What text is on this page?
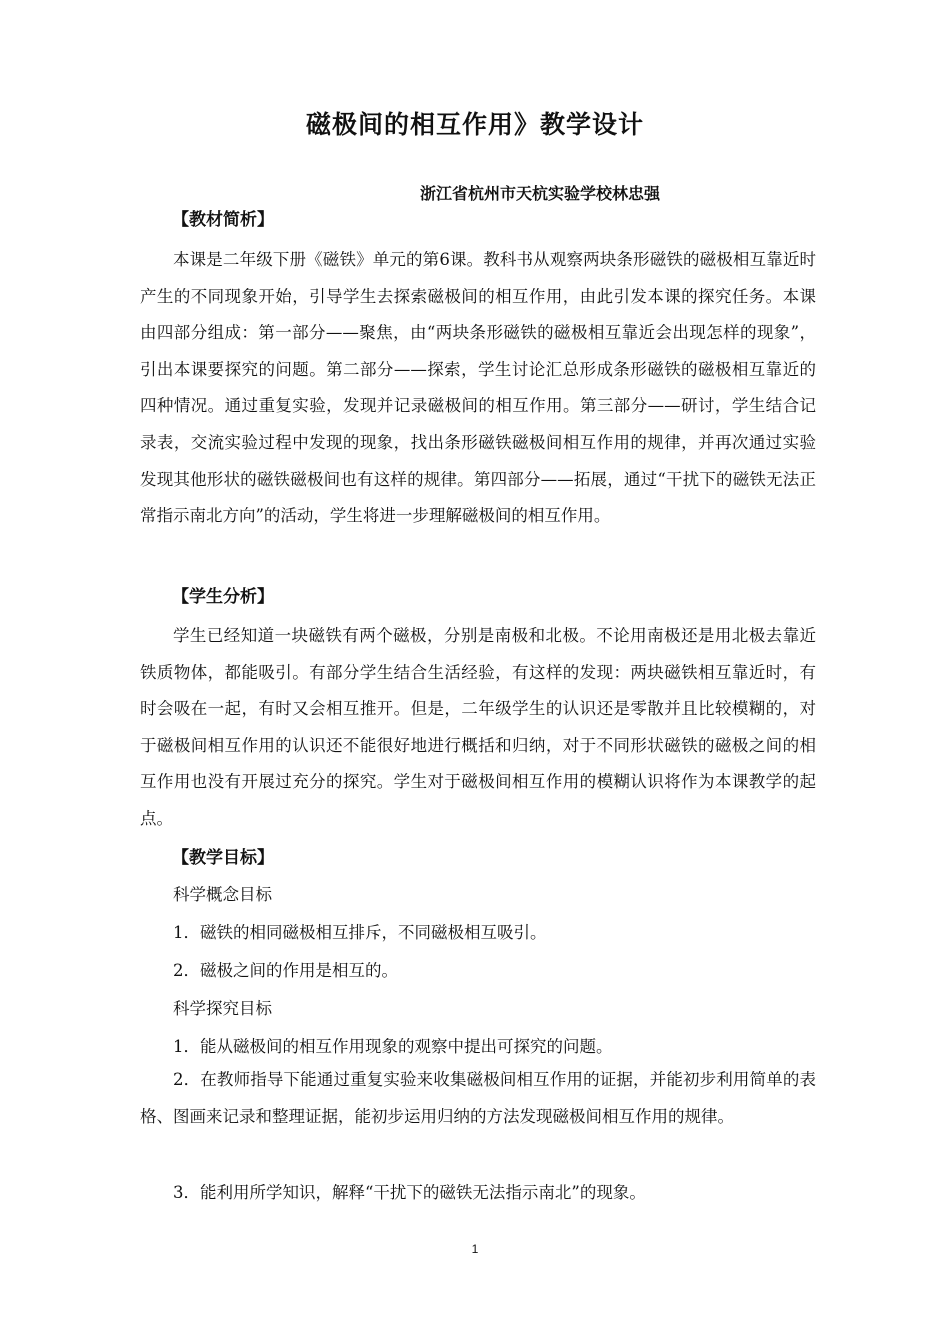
磁极间的相互作用》教学设计
浙江省杭州市天杭实验学校林忠强
【教材简析】

本课是二年级下册《磁铁》单元的第6课。教科书从观察两块条形磁铁的磁极相互靠近时产生的不同现象开始，引导学生去探索磁极间的相互作用，由此引发本课的探究任务。本课由四部分组成：第一部分——聚焦，由“两块条形磁铁的磁极相互靠近会出现怎样的现象”，引出本课要探究的问题。第二部分——探索，学生讨论汇总形成条形磁铁的磁极相互靠近的四种情况。通过重复实验，发现并记录磁极间的相互作用。第三部分——研讨，学生结合记录表，交流实验过程中发现的现象，找出条形磁铁磁极间相互作用的规律，并再次通过实验发现其他形状的磁铁磁极间也有这样的规律。第四部分——拓展，通过“干扰下的磁铁无法正常指示南北方向”的活动，学生将进一步理解磁极间的相互作用。

【学生分析】

学生已经知道一块磁铁有两个磁极，分别是南极和北极。不论用南极还是用北极去靠近铁质物体，都能吸引。有部分学生结合生活经验，有这样的发现：两块磁铁相互靠近时，有时会吸在一起，有时又会相互推开。但是，二年级学生的认识还是零散并且比较模糊的，对于磁极间相互作用的认识还不能很好地进行概括和归纳，对于不同形状磁铁的磁极之间的相互作用也没有开展过充分的探究。学生对于磁极间相互作用的模糊认识将作为本课教学的起点。

【教学目标】

科学概念目标

1．磁铁的相同磁极相互排斥，不同磁极相互吸引。

2．磁极之间的作用是相互的。

科学探究目标

1．能从磁极间的相互作用现象的观察中提出可探究的问题。

2．在教师指导下能通过重复实验来收集磁极间相互作用的证据，并能初步利用简单的表格、图画来记录和整理证据，能初步运用归纳的方法发现磁极间相互作用的规律。

3．能利用所学知识，解释“干扰下的磁铁无法指示南北”的现象。

1
